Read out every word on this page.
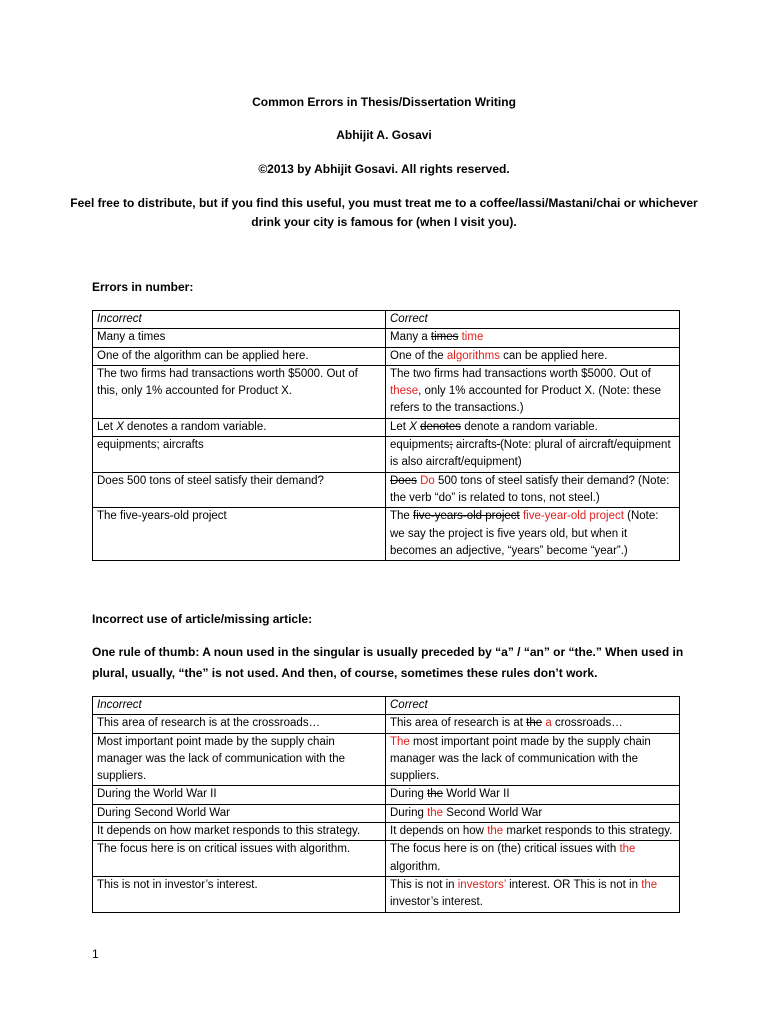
Common Errors in Thesis/Dissertation Writing
Abhijit A. Gosavi
©2013 by Abhijit Gosavi. All rights reserved.
Feel free to distribute, but if you find this useful, you must treat me to a coffee/lassi/Mastani/chai or whichever drink your city is famous for (when I visit you).
Errors in number:
Incorrect	Correct
Many a times	Many a times time
One of the algorithm can be applied here.	One of the algorithms can be applied here.
The two firms had transactions worth $5000. Out of this, only 1% accounted for Product X.	The two firms had transactions worth $5000. Out of these, only 1% accounted for Product X. (Note: these refers to the transactions.)
Let X denotes a random variable.	Let X denotes denote a random variable.
equipments; aircrafts	equipments; aircrafts (Note: plural of aircraft/equipment is also aircraft/equipment)
Does 500 tons of steel satisfy their demand?	Does Do 500 tons of steel satisfy their demand? (Note: the verb “do” is related to tons, not steel.)
The five-years-old project	The five-years-old project five-year-old project (Note: we say the project is five years old, but when it becomes an adjective, “years” become “year”.)
Incorrect use of article/missing article:
One rule of thumb: A noun used in the singular is usually preceded by “a” / “an” or “the.” When used in plural, usually, “the” is not used. And then, of course, sometimes these rules don’t work.
Incorrect	Correct
This area of research is at the crossroads…	This area of research is at the a crossroads…
Most important point made by the supply chain manager was the lack of communication with the suppliers.	The most important point made by the supply chain manager was the lack of communication with the suppliers.
During the World War II	During the World War II
During Second World War	During the Second World War
It depends on how market responds to this strategy.	It depends on how the market responds to this strategy.
The focus here is on critical issues with algorithm.	The focus here is on (the) critical issues with the algorithm.
This is not in investor’s interest.	This is not in investors’ interest. OR This is not in the investor’s interest.
1
